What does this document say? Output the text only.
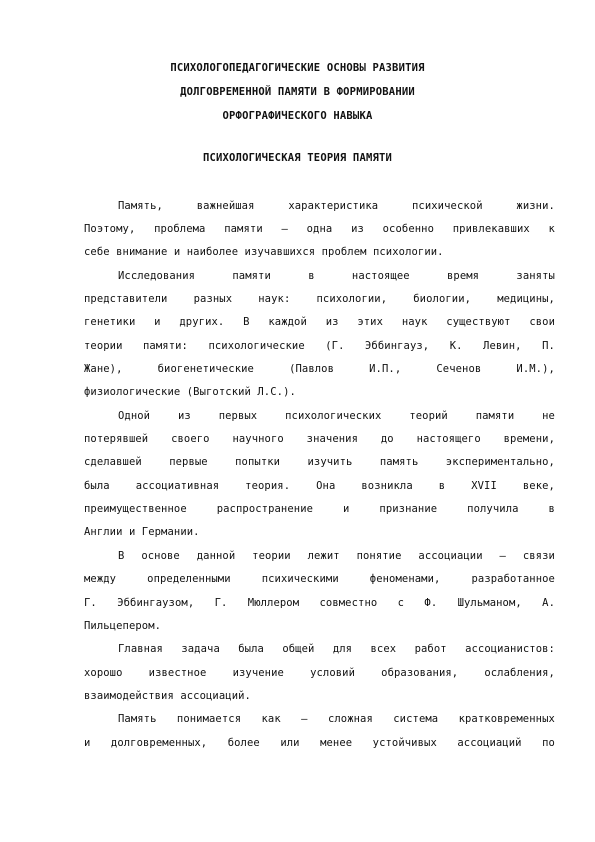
ПСИХОЛОГОПЕДАГОГИЧЕСКИЕ ОСНОВЫ РАЗВИТИЯ
ДОЛГОВРЕМЕННОЙ ПАМЯТИ В ФОРМИРОВАНИИ
ОРФОГРАФИЧЕСКОГО НАВЫКА
ПСИХОЛОГИЧЕСКАЯ ТЕОРИЯ ПАМЯТИ
Память,	важнейшая	характеристика	психической	жизни.
Поэтому, проблема памяти – одна из особенно привлекавших к
себе внимание и наиболее изучавшихся проблем психологии.
Исследования	памяти	в	настоящее	время	заняты
представители разных наук: психологии, биологии, медицины,
генетики и других. В каждой из этих наук существуют свои
теории памяти: психологические (Г. Эббингауз, К. Левин, П.
Жане),	биогенетические	(Павлов	И.П.,	Сеченов	И.М.),
физиологические (Выготский Л.С.).
Одной	из	первых	психологических	теорий	памяти	не
потерявшей своего научного значения до настоящего времени,
сделавшей	первые	попытки	изучить	память	экспериментально,
была ассоциативная теория. Она возникла в XVII веке,
преимущественное	распространение	и	признание	получила	в
Англии и Германии.
В основе данной теории лежит понятие ассоциации – связи
между	определенными	психическими	феноменами,	разработанное
Г. Эббингаузом, Г. Мюллером совместно с Ф. Шульманом, А.
Пильцепером.
Главная задача была общей для всех работ ассоцианистов:
хорошо известное изучение условий образования, ослабления,
взаимодействия ассоциаций.
Память понимается как – сложная система кратковременных
и долговременных, более или менее устойчивых ассоциаций по
